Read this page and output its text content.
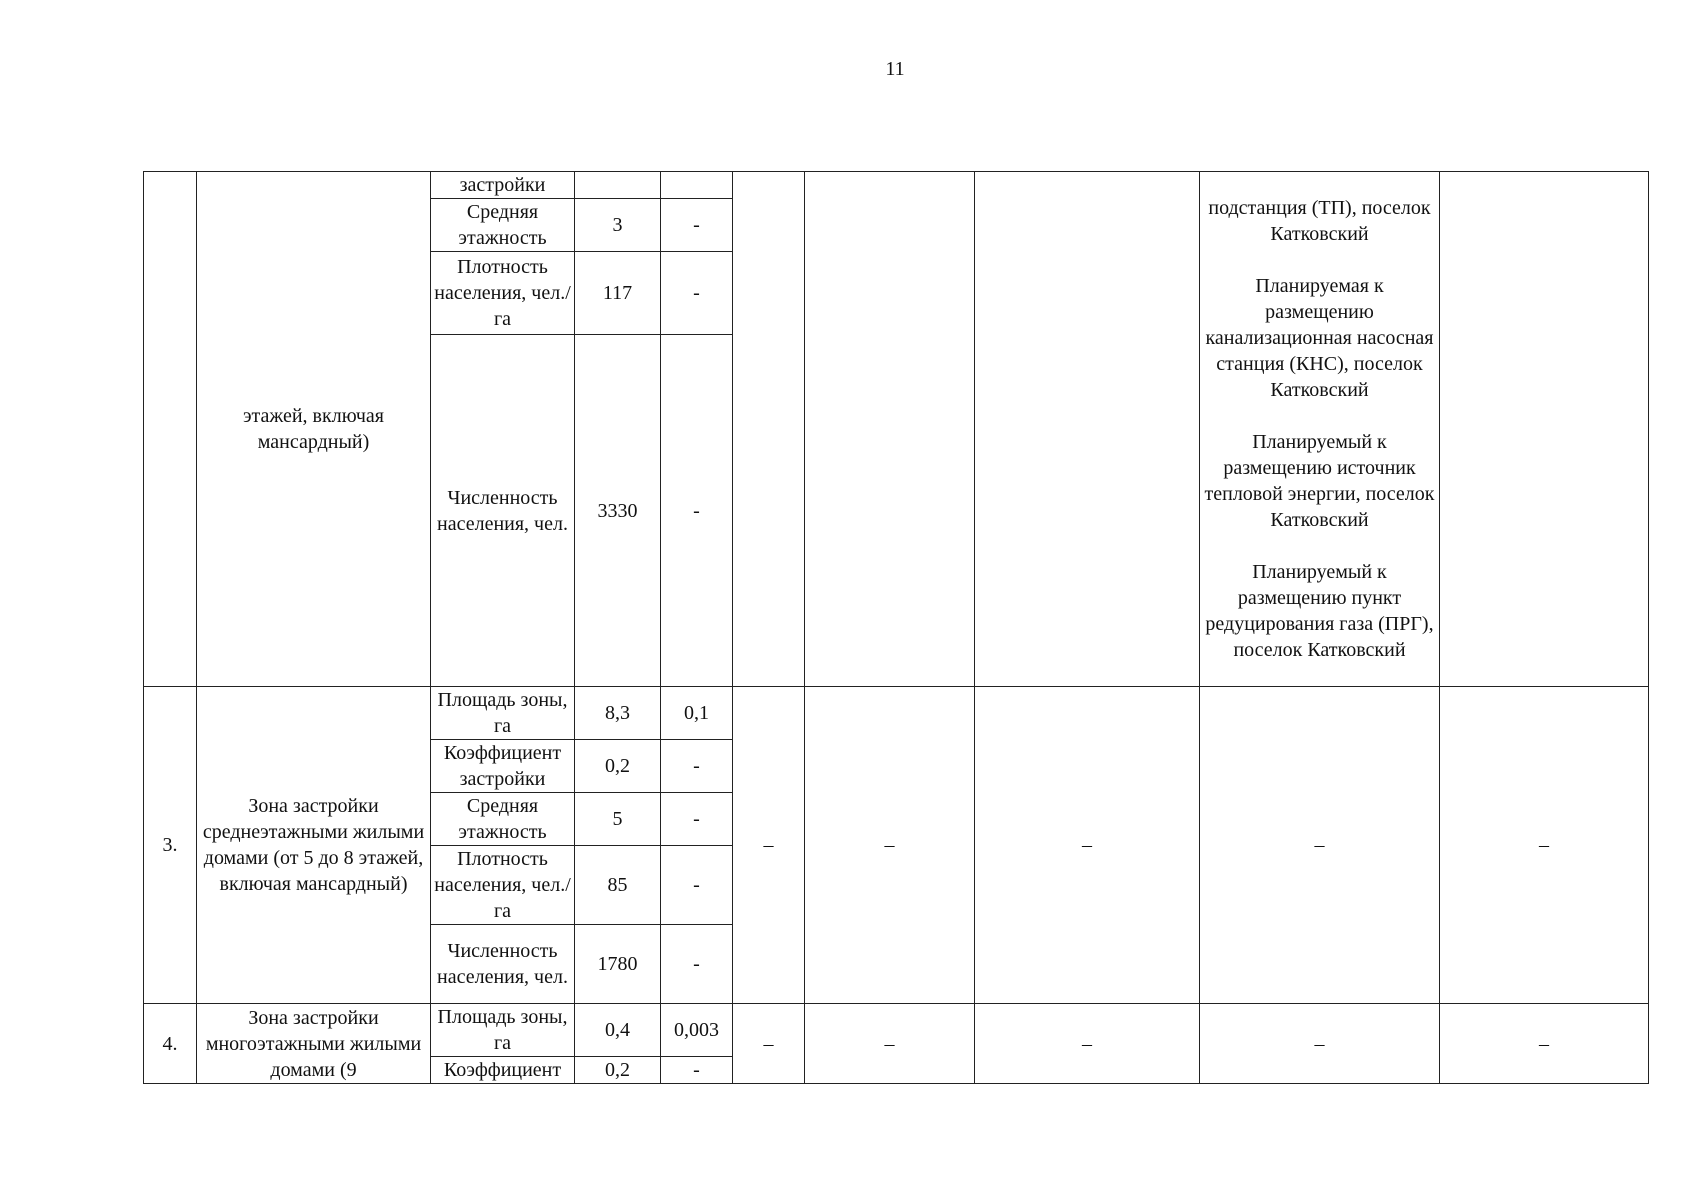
11
	этажей, включая мансардный)	застройки						подстанция (ТП), поселок Катковский
Планируемая к размещению канализационная насосная станция (КНС), поселок Катковский
Планируемый к размещению источник тепловой энергии, поселок Катковский
Планируемый к размещению пункт редуцирования газа (ПРГ), поселок Катковский	

		Средняя этажность	3	-					
		Плотность населения, чел./га	117	-					
		Численность населения, чел.	3330	-					
3.	Зона застройки среднеэтажными жилыми домами (от 5 до 8 этажей, включая мансардный)	Площадь зоны, га	8,3	0,1	–	–	–	–	–
		Коэффициент застройки	0,2	-					
		Средняя этажность	5	-					
		Плотность населения, чел./га	85	-					
		Численность населения, чел.	1780	-					
4.	Зона застройки многоэтажными жилыми домами (9	Площадь зоны, га	0,4	0,003	–	–	–	–	–
		Коэффициент	0,2	-					
